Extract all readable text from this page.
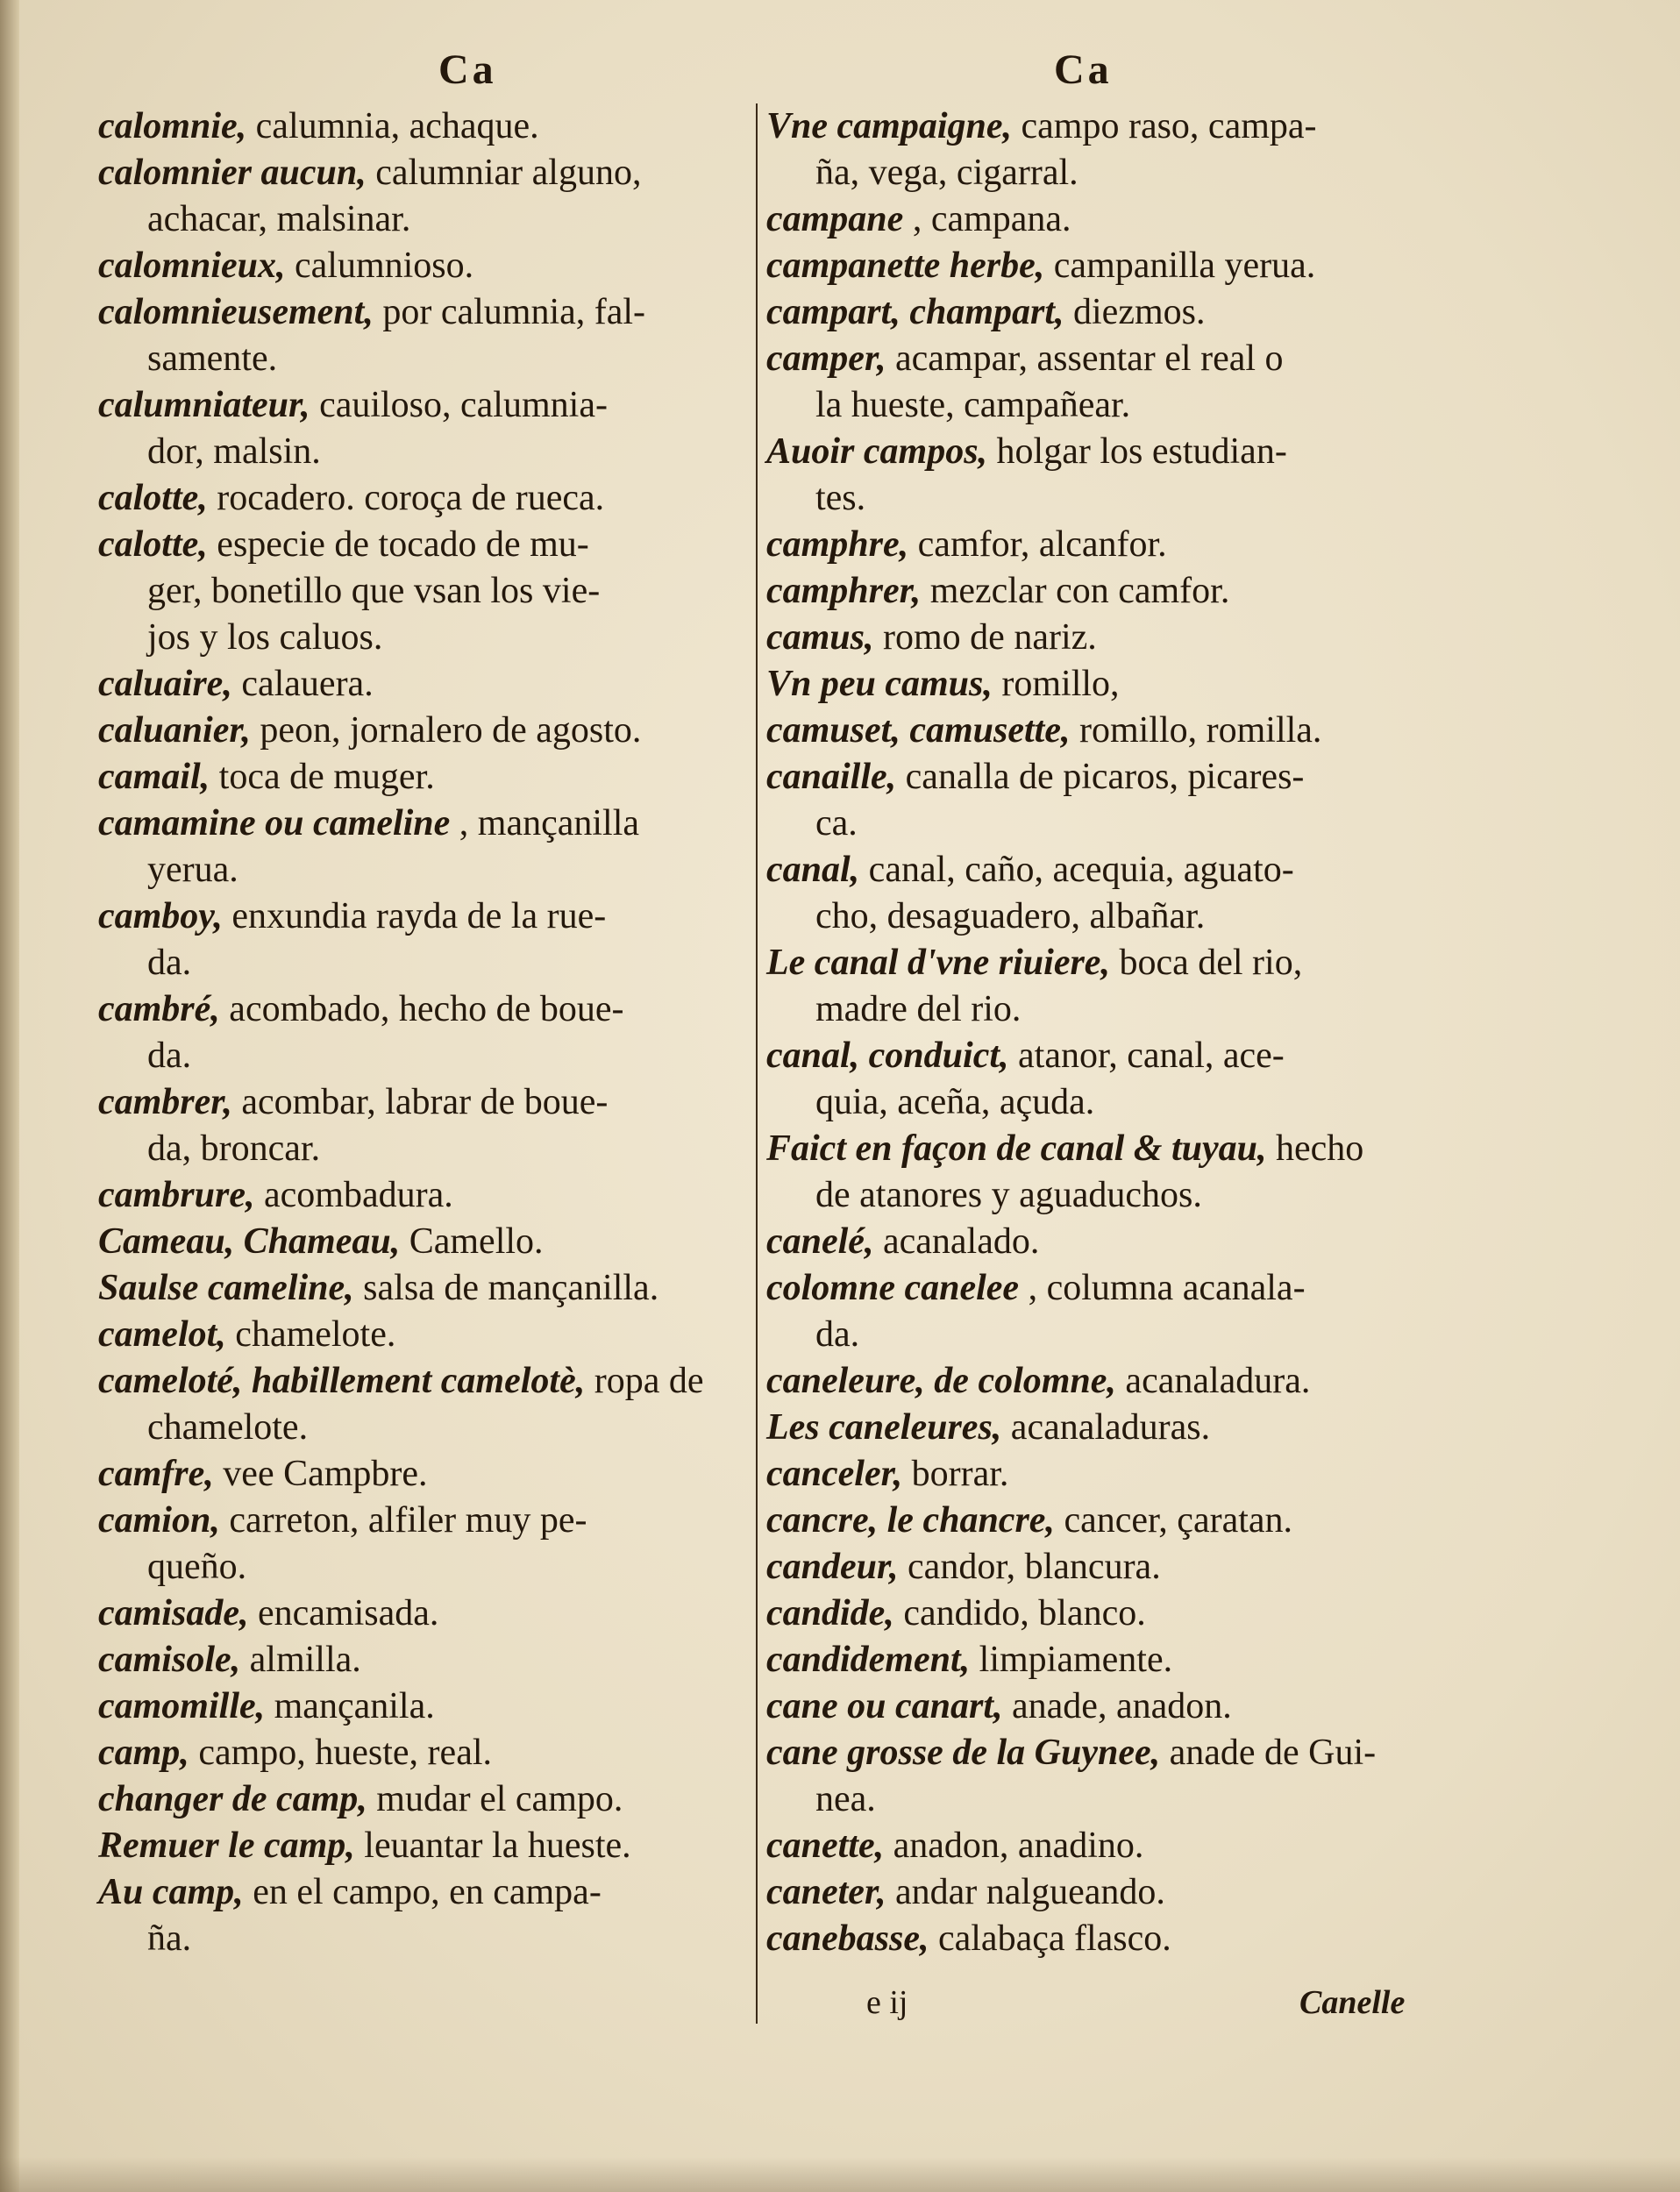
Ca	Ca
calomnie, calumnia, achaque.
calomnier aucun, calumniar alguno,
achacar, malsinar.
calomnieux, calumnioso.
calomnieusement, por calumnia, fal-
samente.
calumniateur, cauiloso, calumnia-
dor, malsin.
calotte, rocadero. coroça de rueca.
calotte, especie de tocado de mu-
ger, bonetillo que vsan los vie-
jos y los caluos.
caluaire, calauera.
caluanier, peon, jornalero de agosto.
camail, toca de muger.
camamine ou cameline , mançanilla
yerua.
camboy, enxundia rayda de la rue-
da.
cambré, acombado, hecho de boue-
da.
cambrer, acombar, labrar de boue-
da, broncar.
cambrure, acombadura.
Cameau, Chameau, Camello.
Saulse cameline, salsa de mançanilla.
camelot, chamelote.
cameloté, habillement camelotè, ropa de
chamelote.
camfre, vee Campbre.
camion, carreton, alfiler muy pe-
queño.
camisade, encamisada.
camisole, almilla.
camomille, mançanila.
camp, campo, hueste, real.
changer de camp, mudar el campo.
Remuer le camp, leuantar la hueste.
Au camp, en el campo, en campa-
ña.
Vne campaigne, campo raso, campa-
ña, vega, cigarral.
campane , campana.
campanette herbe, campanilla yerua.
campart, champart, diezmos.
camper, acampar, assentar el real o
la hueste, campañear.
Auoir campos, holgar los estudian-
tes.
camphre, camfor, alcanfor.
camphrer, mezclar con camfor.
camus, romo de nariz.
Vn peu camus, romillo,
camuset, camusette, romillo, romilla.
canaille, canalla de picaros, picares-
ca.
canal, canal, caño, acequia, aguato-
cho, desaguadero, albañar.
Le canal d'vne riuiere, boca del rio,
madre del rio.
canal, conduict, atanor, canal, ace-
quia, aceña, açuda.
Faict en façon de canal & tuyau, hecho
de atanores y aguaduchos.
canelé, acanalado.
colomne canelee , columna acanala-
da.
caneleure, de colomne, acanaladura.
Les caneleures, acanaladuras.
canceler, borrar.
cancre, le chancre, cancer, çaratan.
candeur, candor, blancura.
candide, candido, blanco.
candidement, limpiamente.
cane ou canart, anade, anadon.
cane grosse de la Guynee, anade de Gui-
nea.
canette, anadon, anadino.
caneter, andar nalgueando.
canebasse, calabaça flasco.
e ij	Canelle
